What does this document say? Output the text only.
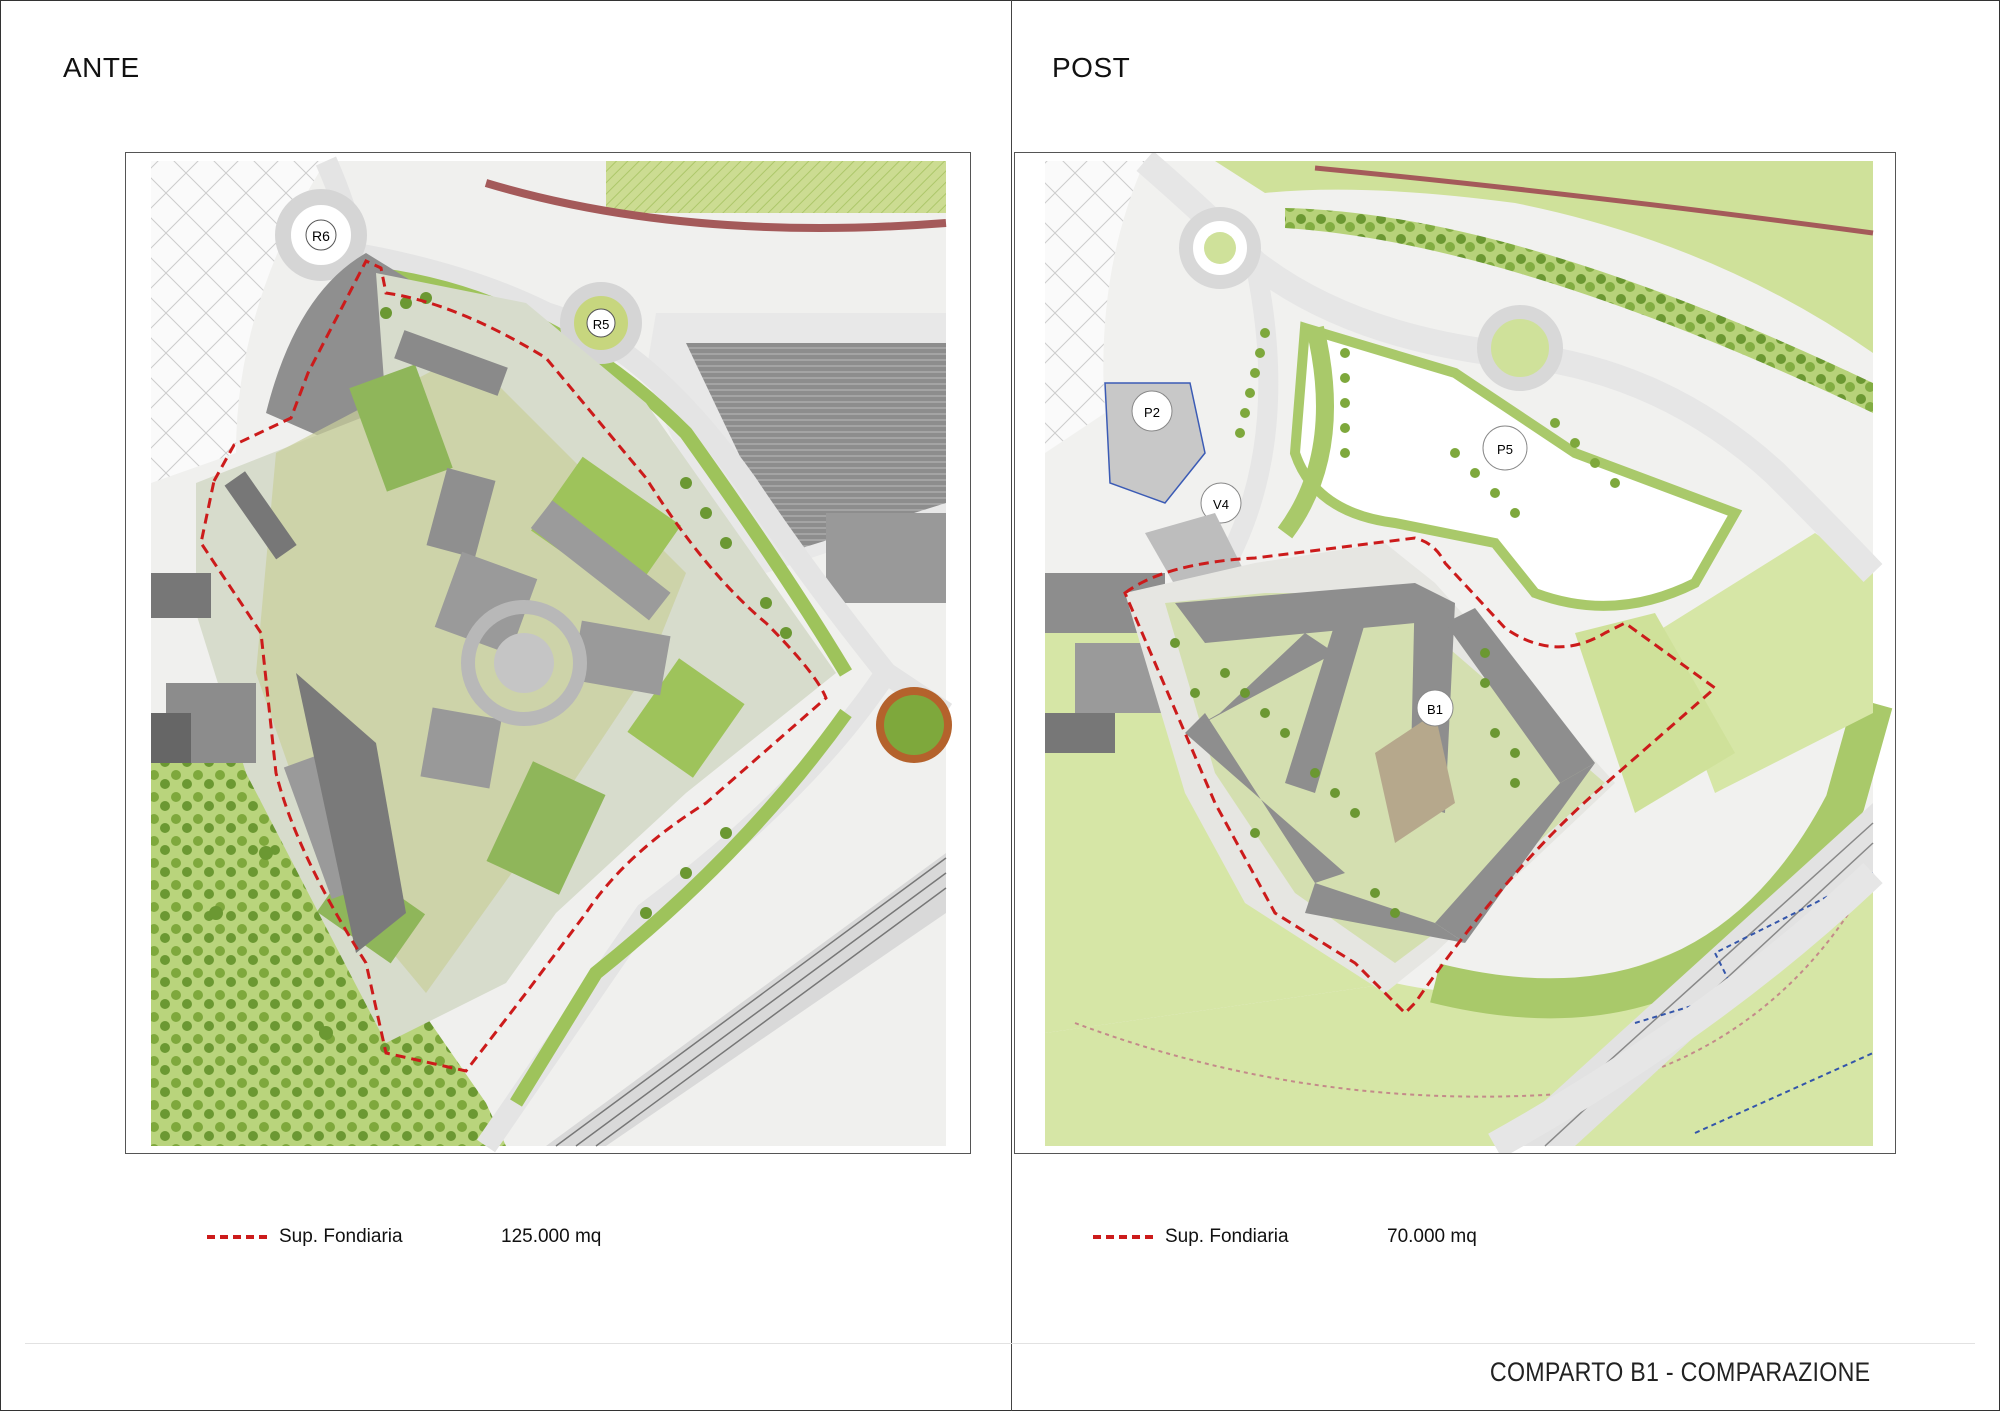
ANTE
R6
R5
Sup. Fondiaria	125.000 mq
POST
P2
P5
V4
B1
Sup. Fondiaria	70.000 mq
COMPARTO B1 - COMPARAZIONE
